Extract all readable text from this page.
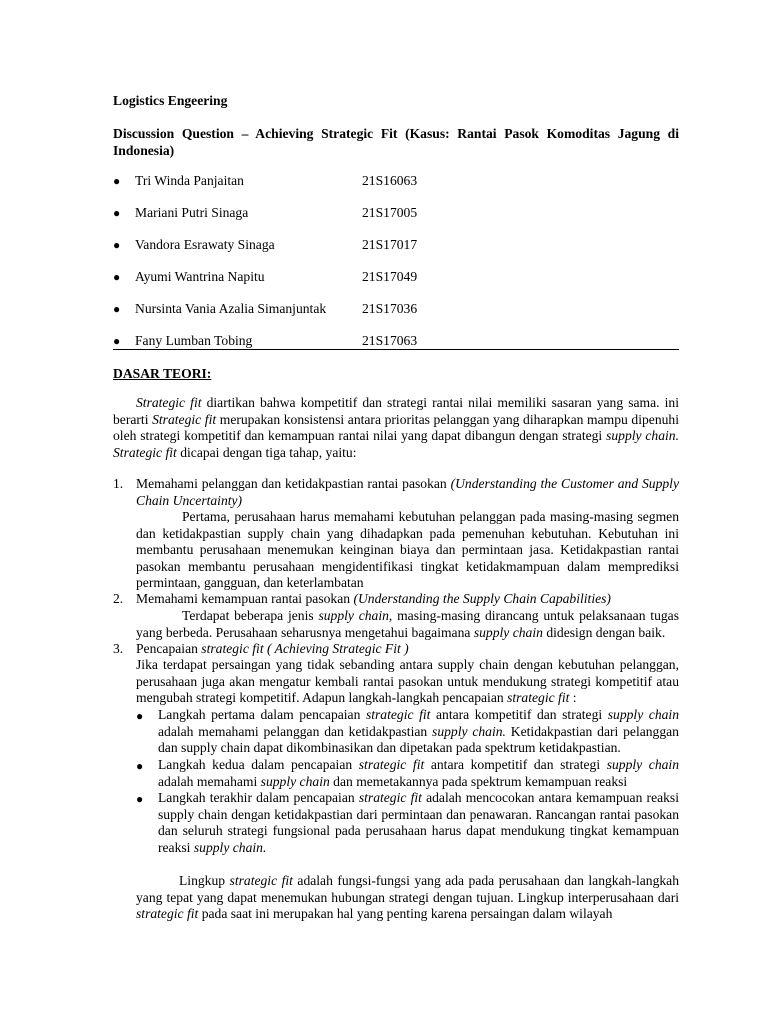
Logistics Engeering
Discussion Question – Achieving Strategic Fit (Kasus: Rantai Pasok Komoditas Jagung di Indonesia)
● Tri Winda Panjaitan	21S16063
● Mariani Putri Sinaga	21S17005
● Vandora Esrawaty Sinaga	21S17017
● Ayumi Wantrina Napitu	21S17049
● Nursinta Vania Azalia Simanjuntak	21S17036
● Fany Lumban Tobing	21S17063
DASAR TEORI:

Strategic fit diartikan bahwa kompetitif dan strategi rantai nilai memiliki sasaran yang sama. ini berarti Strategic fit merupakan konsistensi antara prioritas pelanggan yang diharapkan mampu dipenuhi oleh strategi kompetitif dan kemampuan rantai nilai yang dapat dibangun dengan strategi supply chain. Strategic fit dicapai dengan tiga tahap, yaitu:

1. Memahami pelanggan dan ketidakpastian rantai pasokan (Understanding the Customer and Supply Chain Uncertainty)

Pertama, perusahaan harus memahami kebutuhan pelanggan pada masing-masing segmen dan ketidakpastian supply chain yang dihadapkan pada pemenuhan kebutuhan. Kebutuhan ini membantu perusahaan menemukan keinginan biaya dan permintaan jasa. Ketidakpastian rantai pasokan membantu perusahaan mengidentifikasi tingkat ketidakmampuan dalam memprediksi permintaan, gangguan, dan keterlambatan

2. Memahami kemampuan rantai pasokan (Understanding the Supply Chain Capabilities)

Terdapat beberapa jenis supply chain, masing-masing dirancang untuk pelaksanaan tugas yang berbeda. Perusahaan seharusnya mengetahui bagaimana supply chain didesign dengan baik.

3. Pencapaian strategic fit ( Achieving Strategic Fit )

Jika terdapat persaingan yang tidak sebanding antara supply chain dengan kebutuhan pelanggan, perusahaan juga akan mengatur kembali rantai pasokan untuk mendukung strategi kompetitif atau mengubah strategi kompetitif. Adapun langkah-langkah pencapaian strategic fit :

● Langkah pertama dalam pencapaian strategic fit antara kompetitif dan strategi supply chain adalah memahami pelanggan dan ketidakpastian supply chain. Ketidakpastian dari pelanggan dan supply chain dapat dikombinasikan dan dipetakan pada spektrum ketidakpastian.

● Langkah kedua dalam pencapaian strategic fit antara kompetitif dan strategi supply chain adalah memahami supply chain dan memetakannya pada spektrum kemampuan reaksi

● Langkah terakhir dalam pencapaian strategic fit adalah mencocokan antara kemampuan reaksi supply chain dengan ketidakpastian dari permintaan dan penawaran. Rancangan rantai pasokan dan seluruh strategi fungsional pada perusahaan harus dapat mendukung tingkat kemampuan reaksi supply chain.

Lingkup strategic fit adalah fungsi-fungsi yang ada pada perusahaan dan langkah-langkah yang tepat yang dapat menemukan hubungan strategi dengan tujuan. Lingkup interperusahaan dari strategic fit pada saat ini merupakan hal yang penting karena persaingan dalam wilayah
